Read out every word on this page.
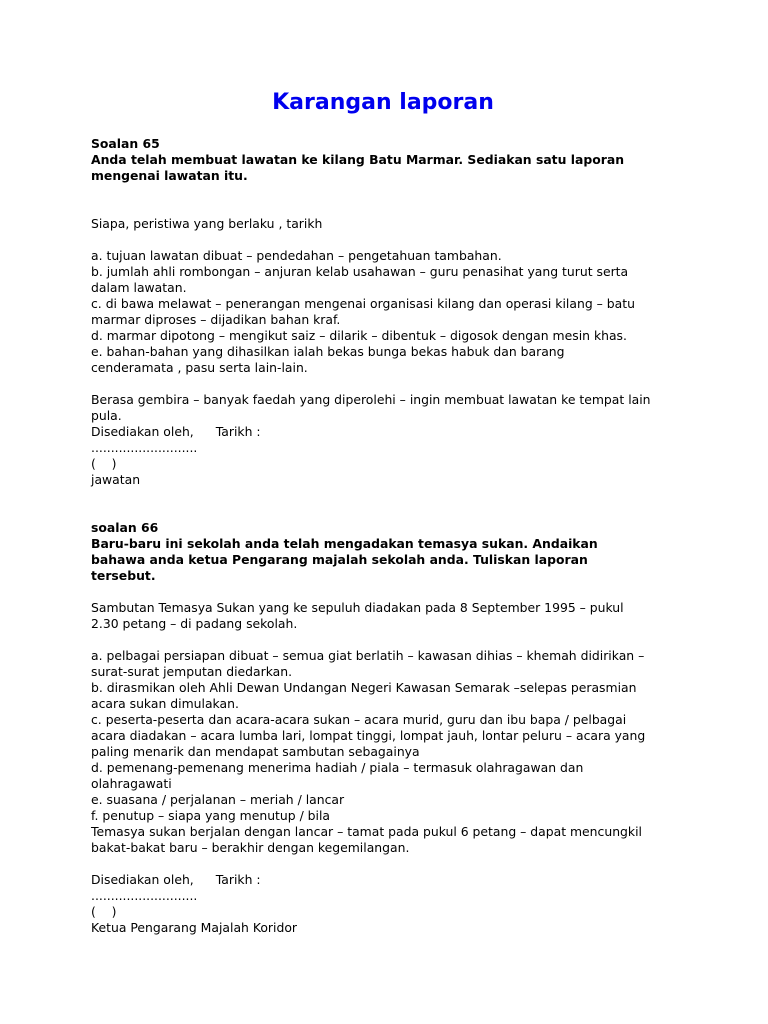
Karangan laporan

Soalan 65

Anda telah membuat lawatan ke kilang Batu Marmar. Sediakan satu laporan

mengenai lawatan itu.

Siapa, peristiwa yang berlaku , tarikh

a. tujuan lawatan dibuat – pendedahan – pengetahuan tambahan.

b. jumlah ahli rombongan – anjuran kelab usahawan – guru penasihat yang turut serta

dalam lawatan.

c. di bawa melawat – penerangan mengenai organisasi kilang dan operasi kilang – batu

marmar diproses – dijadikan bahan kraf.

d. marmar dipotong – mengikut saiz – dilarik – dibentuk – digosok dengan mesin khas.

e. bahan-bahan yang dihasilkan ialah bekas bunga bekas habuk dan barang

cenderamata , pasu serta lain-lain.

Berasa gembira – banyak faedah yang diperolehi – ingin membuat lawatan ke tempat lain

pula.

Disediakan oleh, Tarikh :

...........................

(    )

jawatan

soalan 66

Baru-baru ini sekolah anda telah mengadakan temasya sukan. Andaikan

bahawa anda ketua Pengarang majalah sekolah anda. Tuliskan laporan

tersebut.

Sambutan Temasya Sukan yang ke sepuluh diadakan pada 8 September 1995 – pukul

2.30 petang – di padang sekolah.

a. pelbagai persiapan dibuat – semua giat berlatih – kawasan dihias – khemah didirikan –

surat-surat jemputan diedarkan.

b. dirasmikan oleh Ahli Dewan Undangan Negeri Kawasan Semarak –selepas perasmian

acara sukan dimulakan.

c. peserta-peserta dan acara-acara sukan – acara murid, guru dan ibu bapa / pelbagai

acara diadakan – acara lumba lari, lompat tinggi, lompat jauh, lontar peluru – acara yang

paling menarik dan mendapat sambutan sebagainya

d. pemenang-pemenang menerima hadiah / piala – termasuk olahragawan dan

olahragawati

e. suasana / perjalanan – meriah / lancar

f. penutup – siapa yang menutup / bila

Temasya sukan berjalan dengan lancar – tamat pada pukul 6 petang – dapat mencungkil

bakat-bakat baru – berakhir dengan kegemilangan.

Disediakan oleh, Tarikh :

...........................

(    )

Ketua Pengarang Majalah Koridor
